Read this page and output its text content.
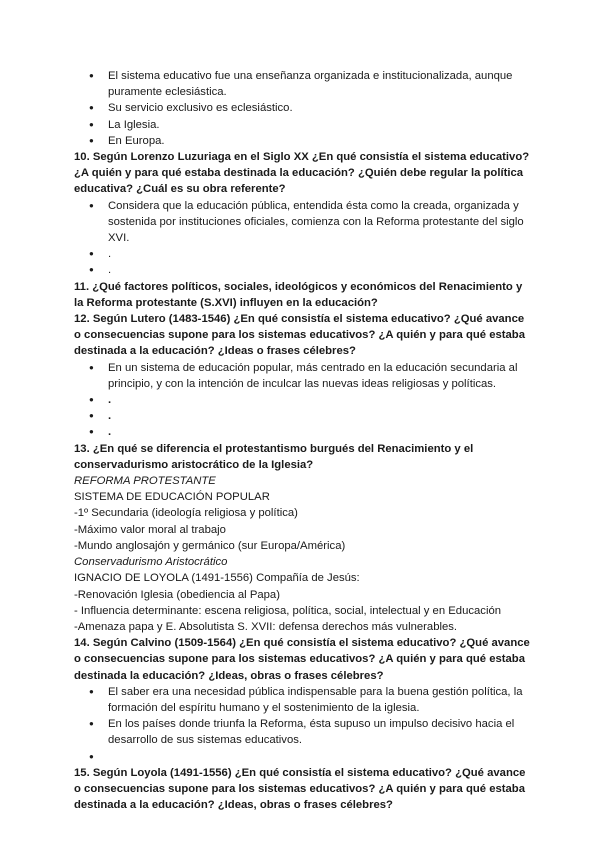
● El sistema educativo fue una enseñanza organizada e institucionalizada, aunque puramente eclesiástica.
● Su servicio exclusivo es eclesiástico.
● La Iglesia.
● En Europa.
10. Según Lorenzo Luzuriaga en el Siglo XX ¿En qué consistía el sistema educativo? ¿A quién y para qué estaba destinada la educación? ¿Quién debe regular la política educativa? ¿Cuál es su obra referente?
● Considera que la educación pública, entendida ésta como la creada, organizada y sostenida por instituciones oficiales, comienza con la Reforma protestante del siglo XVI.
● .
● .
11. ¿Qué factores políticos, sociales, ideológicos y económicos del Renacimiento y la Reforma protestante (S.XVI) influyen en la educación?
12. Según Lutero (1483-1546) ¿En qué consistía el sistema educativo? ¿Qué avance o consecuencias supone para los sistemas educativos? ¿A quién y para qué estaba destinada a la educación? ¿Ideas o frases célebres?
● En un sistema de educación popular, más centrado en la educación secundaria al principio, y con la intención de inculcar las nuevas ideas religiosas y políticas.
● .
● .
● .
13. ¿En qué se diferencia el protestantismo burgués del Renacimiento y el conservadurismo aristocrático de la Iglesia?

REFORMA PROTESTANTE

SISTEMA DE EDUCACIÓN POPULAR

-1º Secundaria (ideología religiosa y política)

-Máximo valor moral al trabajo

-Mundo anglosajón y germánico (sur Europa/América)

Conservadurismo Aristocrático

IGNACIO DE LOYOLA (1491-1556) Compañía de Jesús:

-Renovación Iglesia (obediencia al Papa)

- Influencia determinante: escena religiosa, política, social, intelectual y en Educación

-Amenaza papa y E. Absolutista S. XVII: defensa derechos más vulnerables.

14. Según Calvino (1509-1564) ¿En qué consistía el sistema educativo? ¿Qué avance o consecuencias supone para los sistemas educativos? ¿A quién y para qué estaba destinada la educación? ¿Ideas, obras o frases célebres?
● El saber era una necesidad pública indispensable para la buena gestión política, la formación del espíritu humano y el sostenimiento de la iglesia.
● En los países donde triunfa la Reforma, ésta supuso un impulso decisivo hacia el desarrollo de sus sistemas educativos.
●
15. Según Loyola (1491-1556) ¿En qué consistía el sistema educativo? ¿Qué avance o consecuencias supone para los sistemas educativos? ¿A quién y para qué estaba destinada a la educación? ¿Ideas, obras o frases célebres?
